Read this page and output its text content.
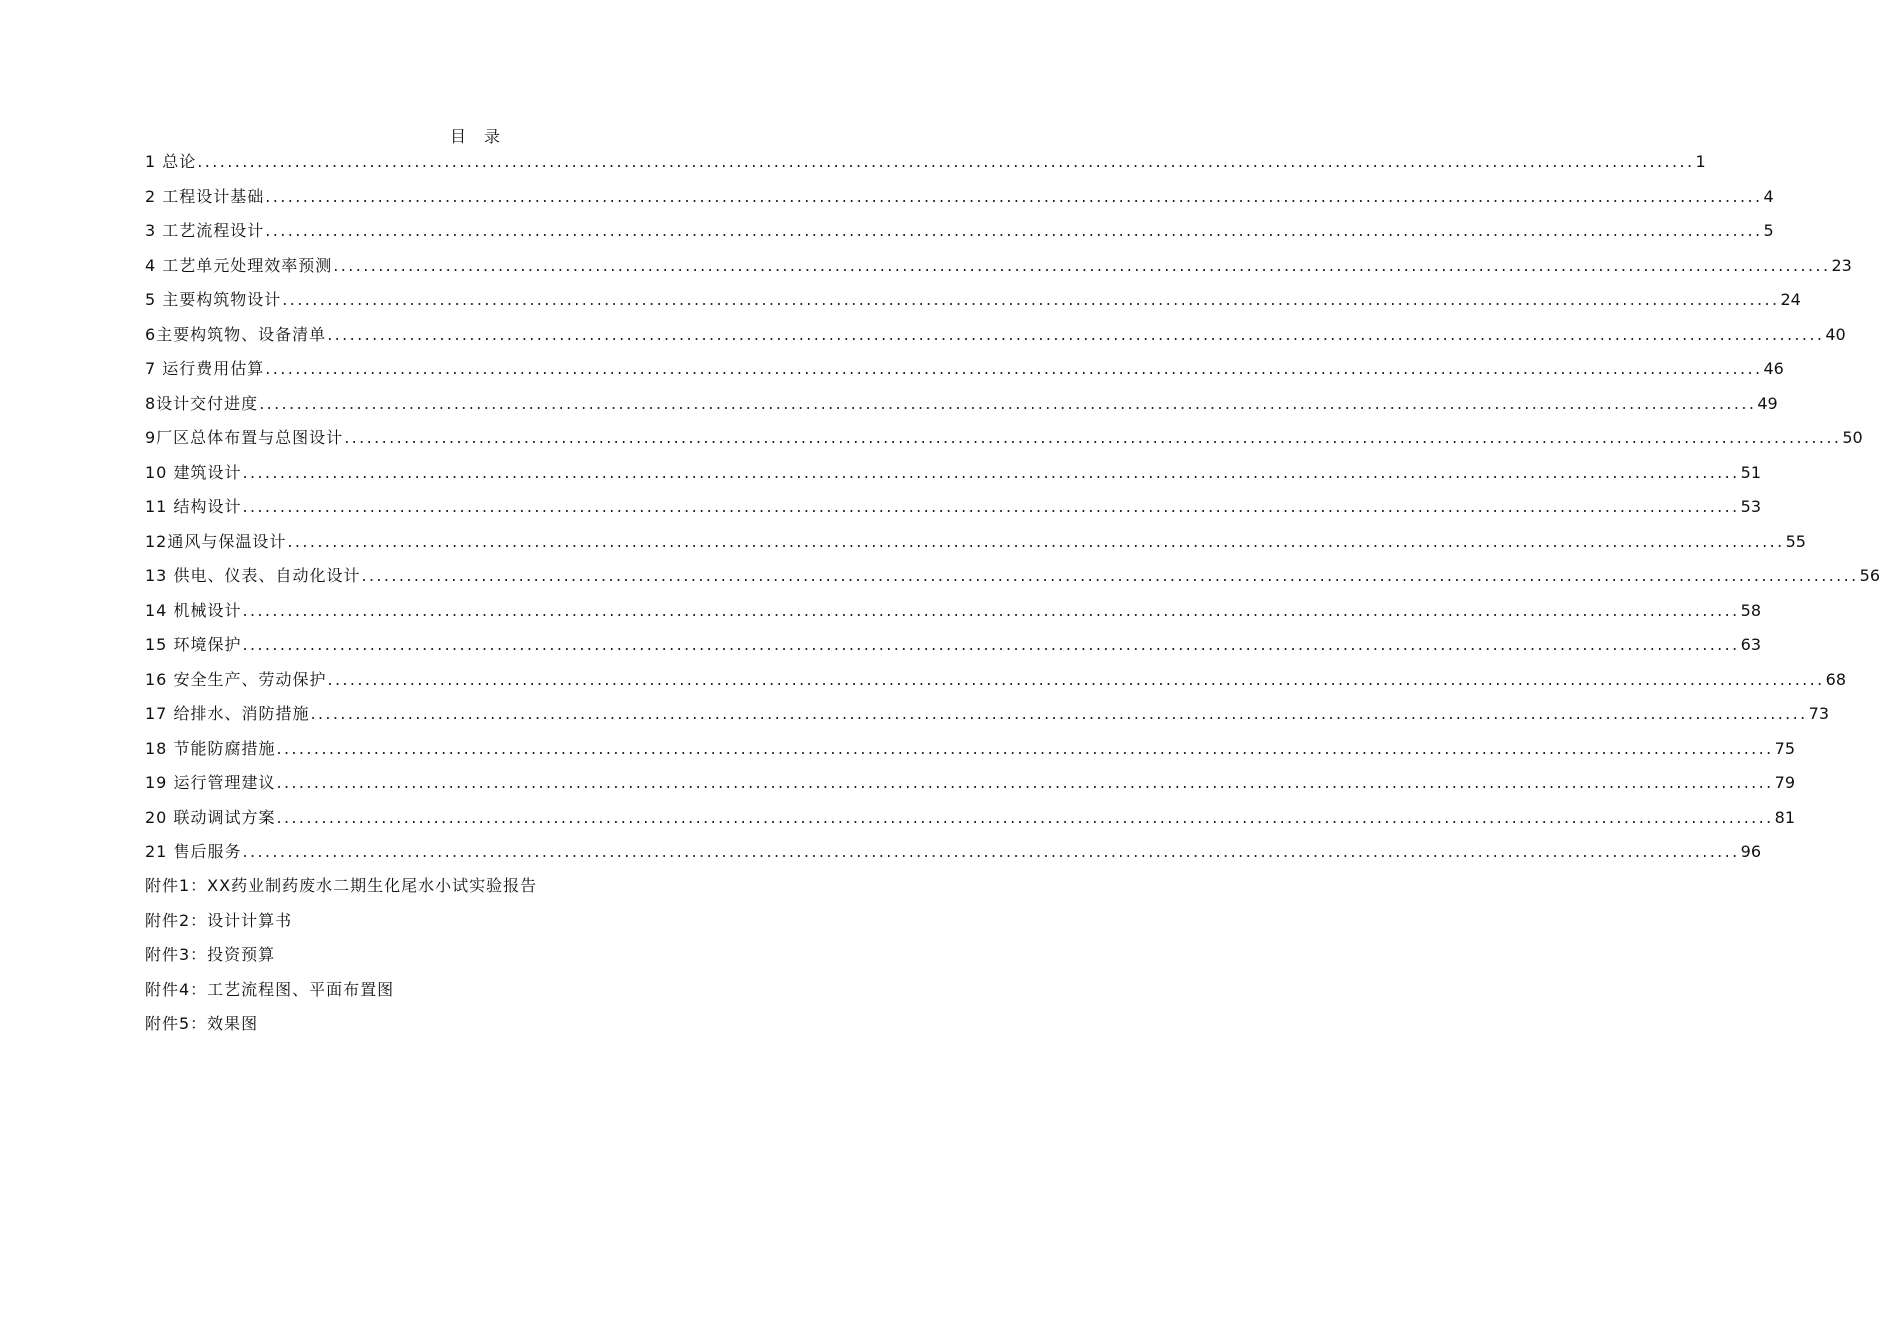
目 录
1 总论 ........................................................................................................................................................................................................ 1
2 工程设计基础 ........................................................................................................................................................................................................ 4
3 工艺流程设计 ........................................................................................................................................................................................................ 5
4 工艺单元处理效率预测 ........................................................................................................................................................................................................ 23
5 主要构筑物设计 ........................................................................................................................................................................................................ 24
6主要构筑物、设备清单 ........................................................................................................................................................................................................ 40
7 运行费用估算 ........................................................................................................................................................................................................ 46
8设计交付进度 ........................................................................................................................................................................................................ 49
9厂区总体布置与总图设计 ........................................................................................................................................................................................................ 50
10 建筑设计 ........................................................................................................................................................................................................ 51
11 结构设计 ........................................................................................................................................................................................................ 53
12通风与保温设计 ........................................................................................................................................................................................................ 55
13 供电、仪表、自动化设计 ........................................................................................................................................................................................................ 56
14 机械设计 ........................................................................................................................................................................................................ 58
15 环境保护 ........................................................................................................................................................................................................ 63
16 安全生产、劳动保护 ........................................................................................................................................................................................................ 68
17 给排水、消防措施 ........................................................................................................................................................................................................ 73
18 节能防腐措施 ........................................................................................................................................................................................................ 75
19 运行管理建议 ........................................................................................................................................................................................................ 79
20 联动调试方案 ........................................................................................................................................................................................................ 81
21 售后服务 ........................................................................................................................................................................................................ 96
附件1：XX药业制药废水二期生化尾水小试实验报告
附件2：设计计算书
附件3：投资预算
附件4：工艺流程图、平面布置图
附件5：效果图
